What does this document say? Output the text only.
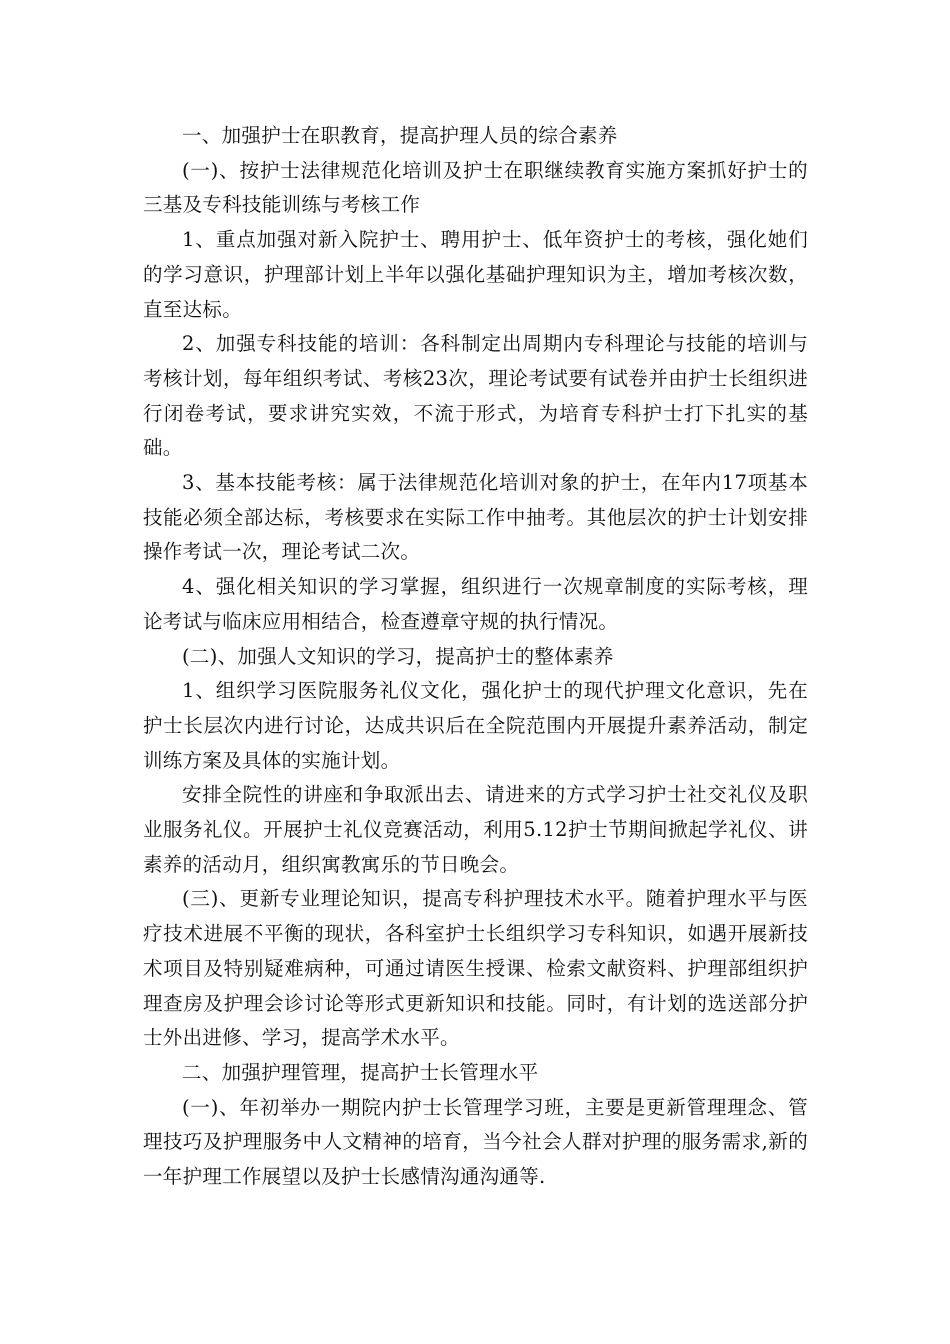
一、加强护士在职教育，提高护理人员的综合素养

(一)、按护士法律规范化培训及护士在职继续教育实施方案抓好护士的三基及专科技能训练与考核工作

1、重点加强对新入院护士、聘用护士、低年资护士的考核，强化她们的学习意识，护理部计划上半年以强化基础护理知识为主，增加考核次数，直至达标。

2、加强专科技能的培训：各科制定出周期内专科理论与技能的培训与考核计划，每年组织考试、考核23次，理论考试要有试卷并由护士长组织进行闭卷考试，要求讲究实效，不流于形式，为培育专科护士打下扎实的基础。

3、基本技能考核：属于法律规范化培训对象的护士，在年内17项基本技能必须全部达标，考核要求在实际工作中抽考。其他层次的护士计划安排操作考试一次，理论考试二次。

4、强化相关知识的学习掌握，组织进行一次规章制度的实际考核，理论考试与临床应用相结合，检查遵章守规的执行情况。

(二)、加强人文知识的学习，提高护士的整体素养

1、组织学习医院服务礼仪文化，强化护士的现代护理文化意识，先在护士长层次内进行讨论，达成共识后在全院范围内开展提升素养活动，制定训练方案及具体的实施计划。

安排全院性的讲座和争取派出去、请进来的方式学习护士社交礼仪及职业服务礼仪。开展护士礼仪竞赛活动，利用5.12护士节期间掀起学礼仪、讲素养的活动月，组织寓教寓乐的节日晚会。

(三)、更新专业理论知识，提高专科护理技术水平。随着护理水平与医疗技术进展不平衡的现状，各科室护士长组织学习专科知识，如遇开展新技术项目及特别疑难病种，可通过请医生授课、检索文献资料、护理部组织护理查房及护理会诊讨论等形式更新知识和技能。同时，有计划的选送部分护士外出进修、学习，提高学术水平。

二、加强护理管理，提高护士长管理水平

(一)、年初举办一期院内护士长管理学习班，主要是更新管理理念、管理技巧及护理服务中人文精神的培育，当今社会人群对护理的服务需求,新的一年护理工作展望以及护士长感情沟通沟通等.
